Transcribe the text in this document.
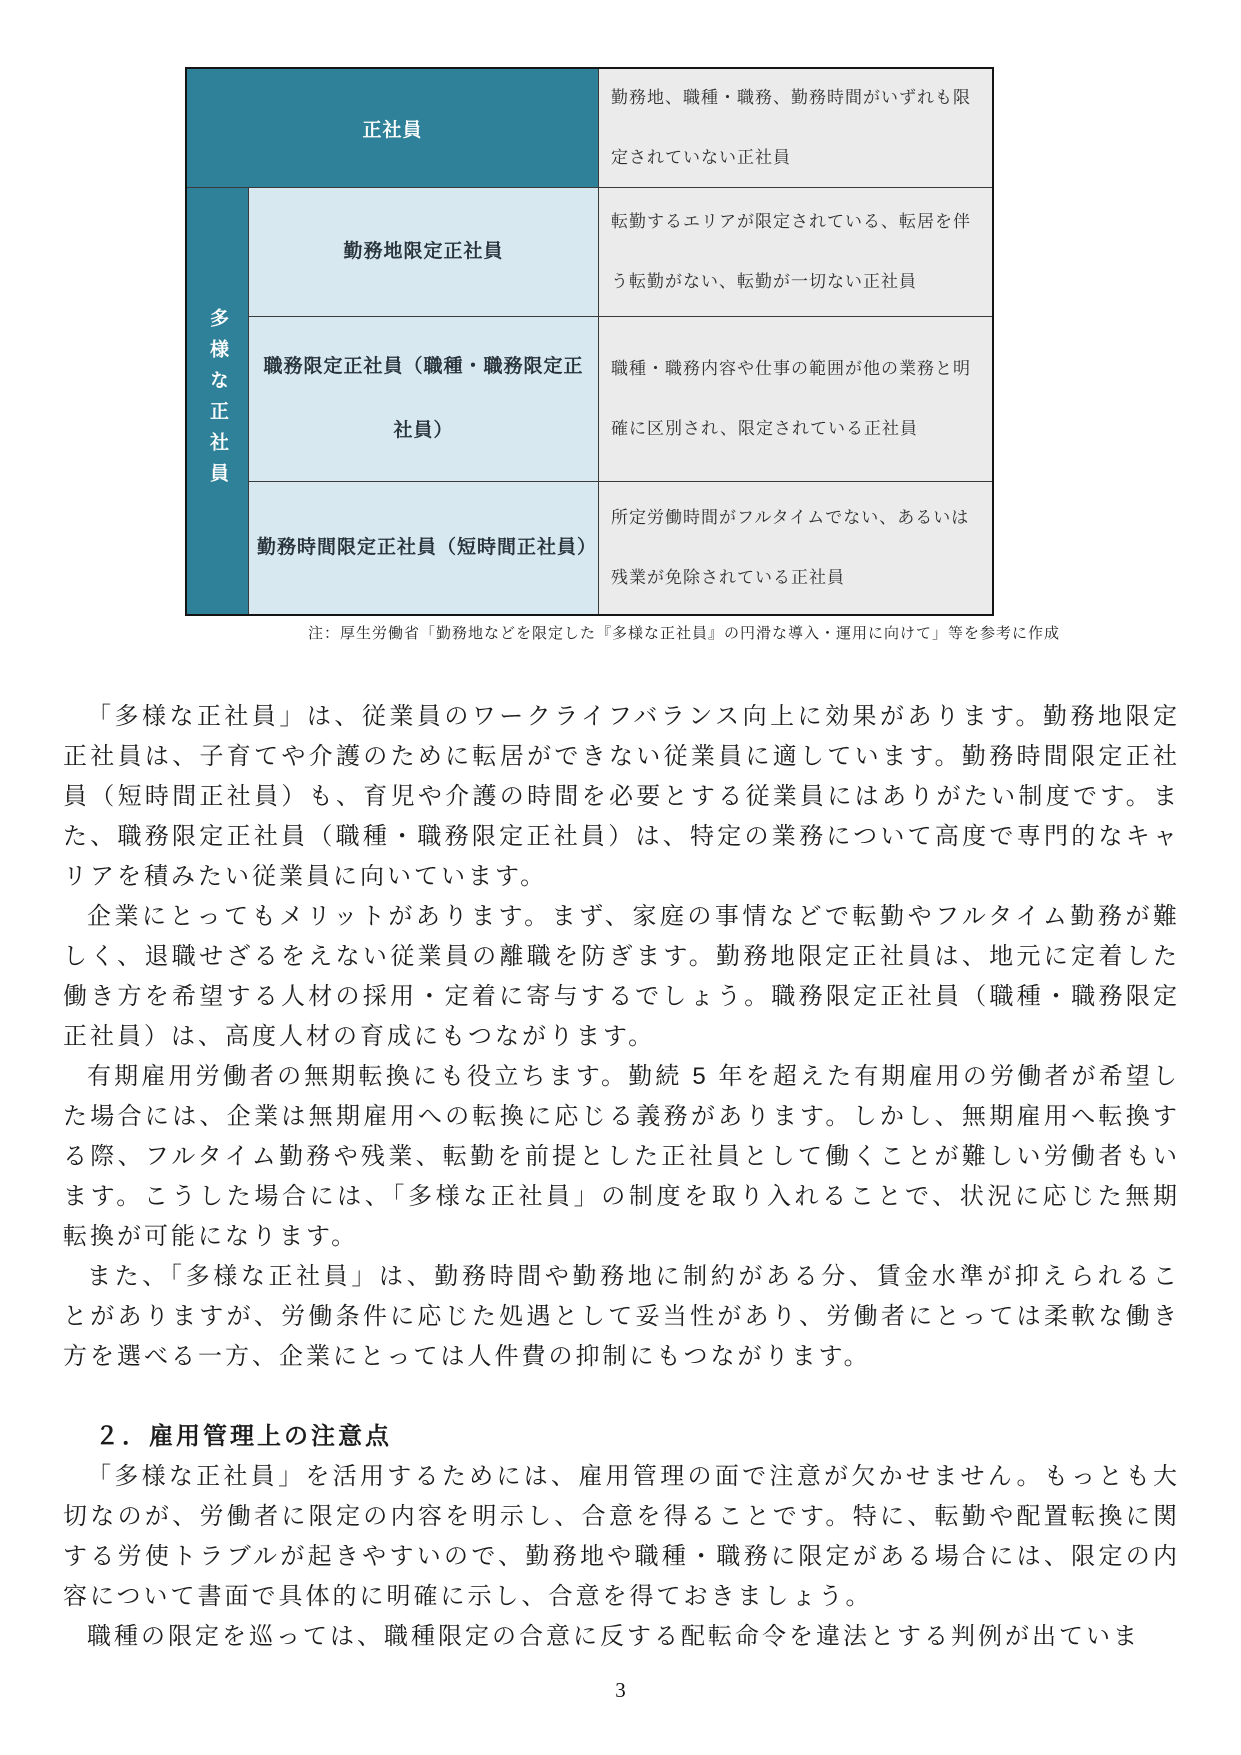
正社員
勤務地、職種・職務、勤務時間がいずれも限定されていない正社員
多様な正社員
勤務地限定正社員
転勤するエリアが限定されている、転居を伴う転勤がない、転勤が一切ない正社員
職務限定正社員（職種・職務限定正社員）
職種・職務内容や仕事の範囲が他の業務と明確に区別され、限定されている正社員
勤務時間限定正社員（短時間正社員）
所定労働時間がフルタイムでない、あるいは残業が免除されている正社員
注：厚生労働省「勤務地などを限定した『多様な正社員』の円滑な導入・運用に向けて」等を参考に作成

「多様な正社員」は、従業員のワークライフバランス向上に効果があります。勤務地限定正社員は、子育てや介護のために転居ができない従業員に適しています。勤務時間限定正社員（短時間正社員）も、育児や介護の時間を必要とする従業員にはありがたい制度です。また、職務限定正社員（職種・職務限定正社員）は、特定の業務について高度で専門的なキャリアを積みたい従業員に向いています。

企業にとってもメリットがあります。まず、家庭の事情などで転勤やフルタイム勤務が難しく、退職せざるをえない従業員の離職を防ぎます。勤務地限定正社員は、地元に定着した働き方を希望する人材の採用・定着に寄与するでしょう。職務限定正社員（職種・職務限定正社員）は、高度人材の育成にもつながります。

有期雇用労働者の無期転換にも役立ちます。勤続 5 年を超えた有期雇用の労働者が希望した場合には、企業は無期雇用への転換に応じる義務があります。しかし、無期雇用へ転換する際、フルタイム勤務や残業、転勤を前提とした正社員として働くことが難しい労働者もいます。こうした場合には、「多様な正社員」の制度を取り入れることで、状況に応じた無期転換が可能になります。

また、「多様な正社員」は、勤務時間や勤務地に制約がある分、賃金水準が抑えられることがありますが、労働条件に応じた処遇として妥当性があり、労働者にとっては柔軟な働き方を選べる一方、企業にとっては人件費の抑制にもつながります。

２．雇用管理上の注意点

「多様な正社員」を活用するためには、雇用管理の面で注意が欠かせません。もっとも大切なのが、労働者に限定の内容を明示し、合意を得ることです。特に、転勤や配置転換に関する労使トラブルが起きやすいので、勤務地や職種・職務に限定がある場合には、限定の内容について書面で具体的に明確に示し、合意を得ておきましょう。

職種の限定を巡っては、職種限定の合意に反する配転命令を違法とする判例が出ていま

3
